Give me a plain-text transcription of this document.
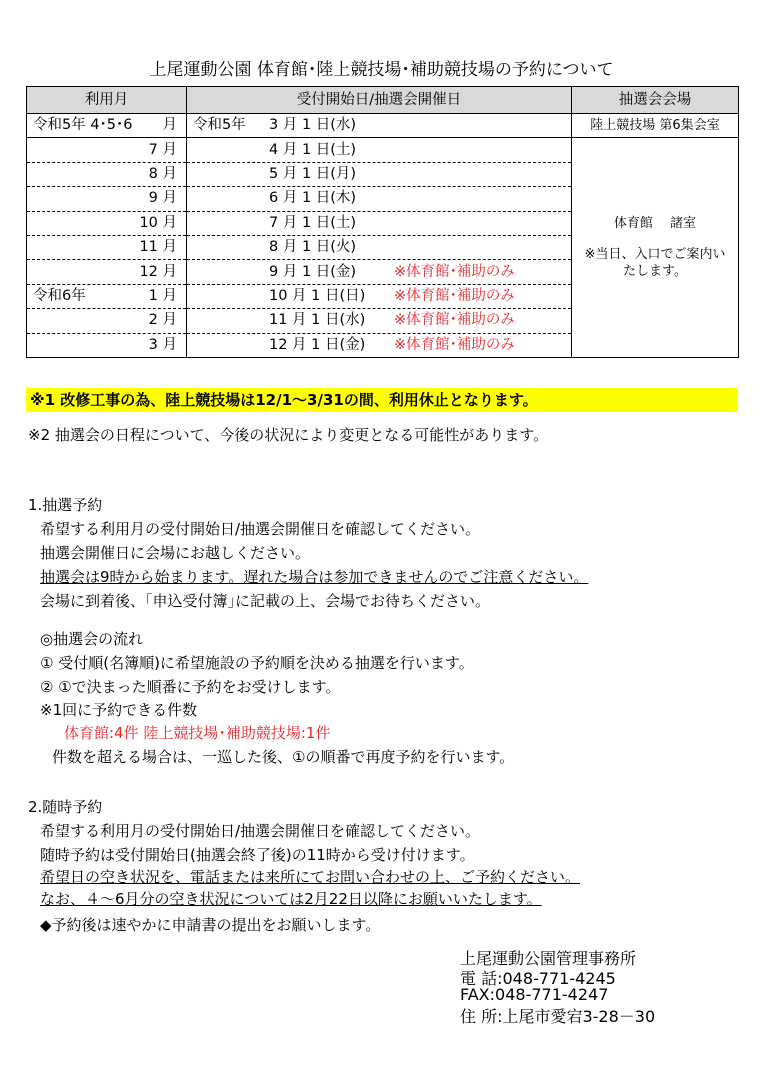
上尾運動公園 体育館･陸上競技場･補助競技場の予約について
利用月	受付開始日/抽選会開催日	抽選会会場

令和5年 4･5･6 月	令和5年 3 月 1 日(水)	陸上競技場 第6集会室

7 月	4 月 1 日(土)	体育館　 諸室
※当日、入口でご案内いたします。

8 月	5 月 1 日(月)	

9 月	6 月 1 日(木)	

10 月	7 月 1 日(土)	

11 月	8 月 1 日(火)	

12 月	9 月 1 日(金) ※体育館･補助のみ	

令和6年 1 月	10 月 1 日(日) ※体育館･補助のみ	

2 月	11 月 1 日(水) ※体育館･補助のみ	

3 月	12 月 1 日(金) ※体育館･補助のみ	
※1 改修工事の為、陸上競技場は12/1～3/31の間、利用休止となります。
※2 抽選会の日程について、今後の状況により変更となる可能性があります。
1.抽選予約
希望する利用月の受付開始日/抽選会開催日を確認してください。
抽選会開催日に会場にお越しください。
抽選会は9時から始まります。遅れた場合は参加できませんのでご注意ください。
会場に到着後、｢申込受付簿｣に記載の上、会場でお待ちください。
◎抽選会の流れ
① 受付順(名簿順)に希望施設の予約順を決める抽選を行います。
② ①で決まった順番に予約をお受けします。
※1回に予約できる件数
体育館:4件 陸上競技場･補助競技場:1件
件数を超える場合は、一巡した後、①の順番で再度予約を行います。
2.随時予約
希望する利用月の受付開始日/抽選会開催日を確認してください。
随時予約は受付開始日(抽選会終了後)の11時から受け付けます。
希望日の空き状況を、電話または来所にてお問い合わせの上、ご予約ください。
なお、４～6月分の空き状況については2月22日以降にお願いいたします。
◆予約後は速やかに申請書の提出をお願いします。
上尾運動公園管理事務所
電 話:048-771-4245
FAX:048-771-4247
住 所:上尾市愛宕3-28－30
